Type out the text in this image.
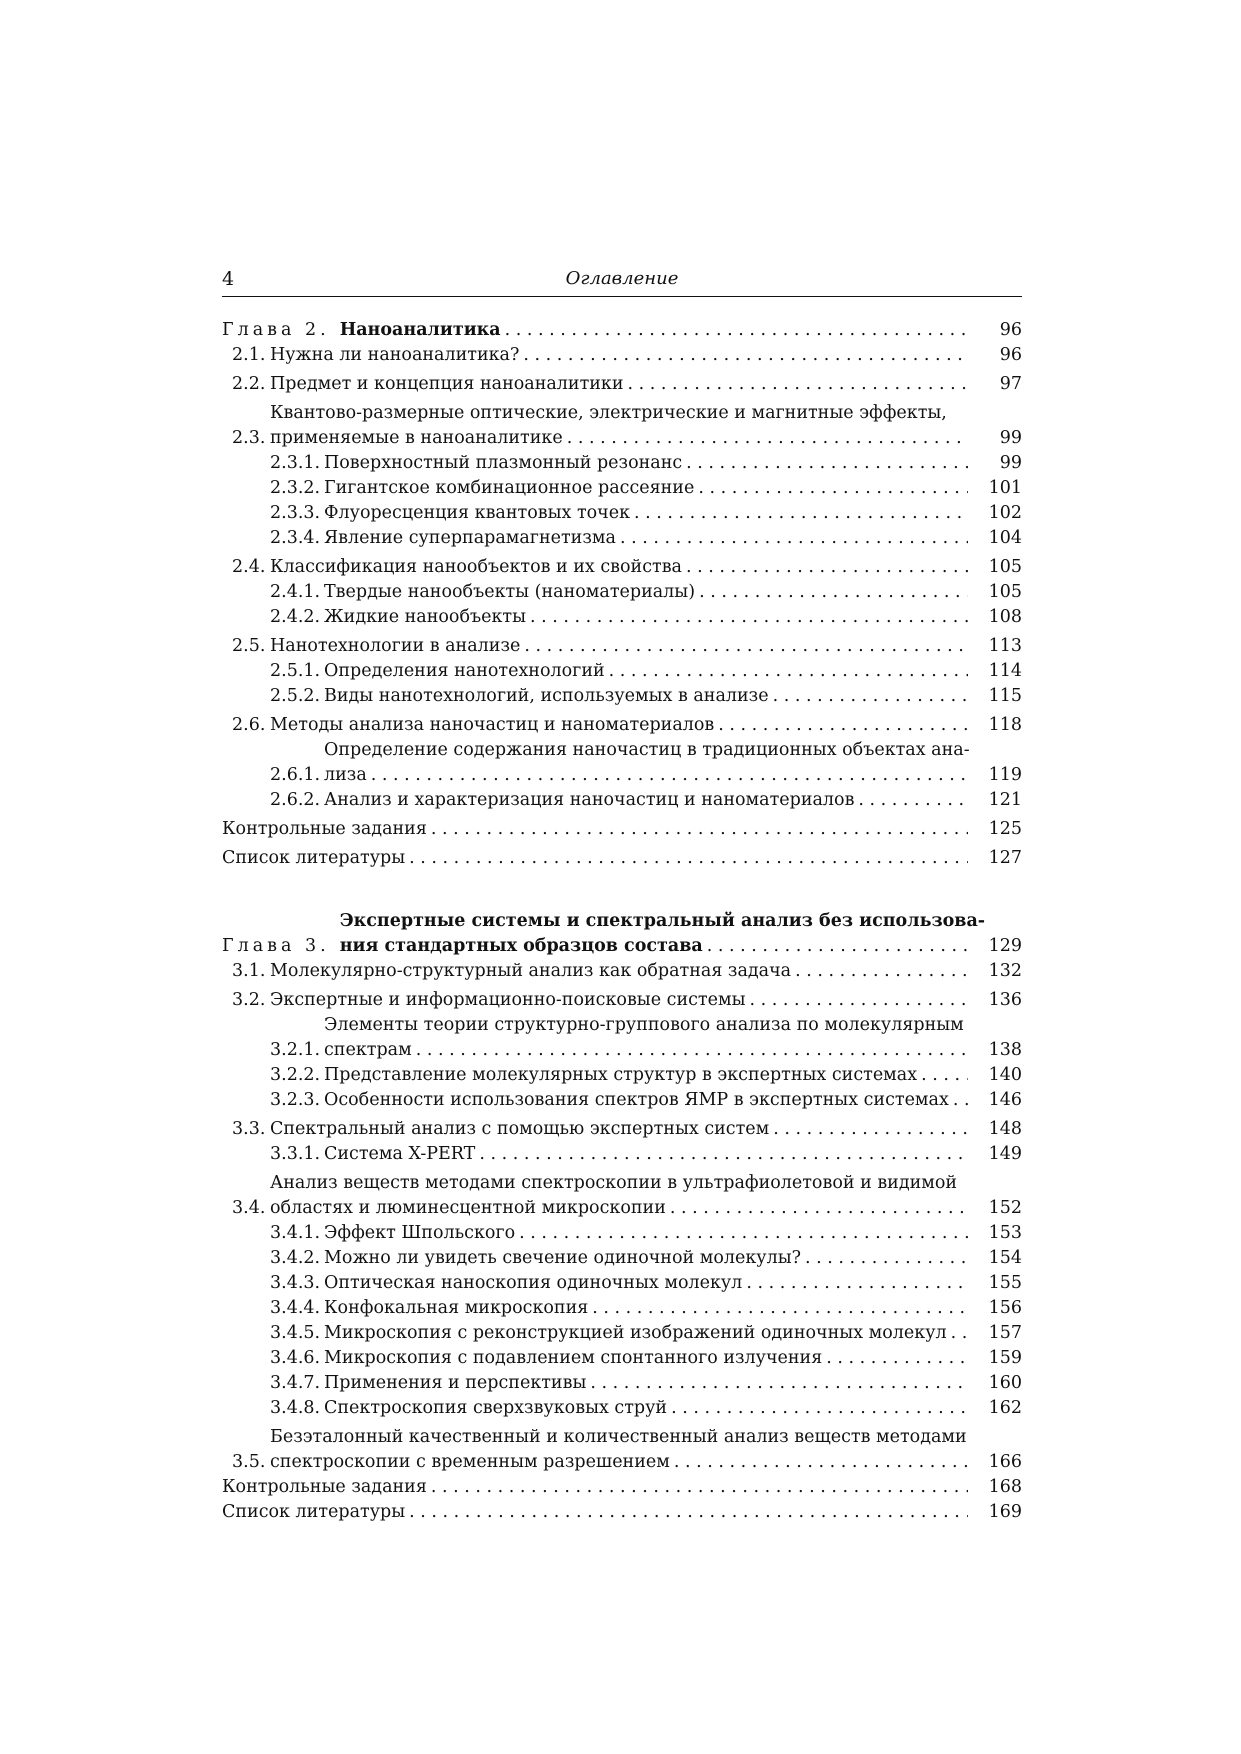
4	Оглавление
Глава 2. Наноаналитика . . .	96
2.1. Нужна ли наноаналитика? . . .	96
2.2. Предмет и концепция наноаналитики . . .	97
2.3.
Квантово-размерные оптические, электрические и магнитные эффекты,
применяемые в наноаналитике . . .	99
2.3.1. Поверхностный плазмонный резонанс . . .	99
2.3.2. Гигантское комбинационное рассеяние . . .	101
2.3.3. Флуоресценция квантовых точек . . .	102
2.3.4. Явление суперпарамагнетизма . . .	104
2.4. Классификация нанообъектов и их свойства . . .	105
2.4.1. Твердые нанообъекты (наноматериалы) . . .	105
2.4.2. Жидкие нанообъекты . . .	108
2.5. Нанотехнологии в анализе . . .	113
2.5.1. Определения нанотехнологий . . .	114
2.5.2. Виды нанотехнологий, используемых в анализе . . .	115
2.6. Методы анализа наночастиц и наноматериалов . . .	118
2.6.1.
Определение содержания наночастиц в традиционных объектах ана-
лиза . . .	119
2.6.2. Анализ и характеризация наночастиц и наноматериалов . . .	121
Контрольные задания . . .	125
Список литературы . . .	127
Глава 3.
Экспертные системы и спектральный анализ без использова-
ния стандартных образцов состава . . .	129
3.1. Молекулярно-структурный анализ как обратная задача . . .	132
3.2. Экспертные и информационно-поисковые системы . . .	136
3.2.1.
Элементы теории структурно-группового анализа по молекулярным
спектрам . . .	138
3.2.2. Представление молекулярных структур в экспертных системах . . .	140
3.2.3. Особенности использования спектров ЯМР в экспертных системах . . .	146
3.3. Спектральный анализ с помощью экспертных систем . . .	148
3.3.1. Система X-PERT . . .	149
3.4.
Анализ веществ методами спектроскопии в ультрафиолетовой и видимой
областях и люминесцентной микроскопии . . .	152
3.4.1. Эффект Шпольского . . .	153
3.4.2. Можно ли увидеть свечение одиночной молекулы? . . .	154
3.4.3. Оптическая наноскопия одиночных молекул . . .	155
3.4.4. Конфокальная микроскопия . . .	156
3.4.5. Микроскопия с реконструкцией изображений одиночных молекул . . .	157
3.4.6. Микроскопия с подавлением спонтанного излучения . . .	159
3.4.7. Применения и перспективы . . .	160
3.4.8. Спектроскопия сверхзвуковых струй . . .	162
3.5.
Безэталонный качественный и количественный анализ веществ методами
спектроскопии с временным разрешением . . .	166
Контрольные задания . . .	168
Список литературы . . .	169
